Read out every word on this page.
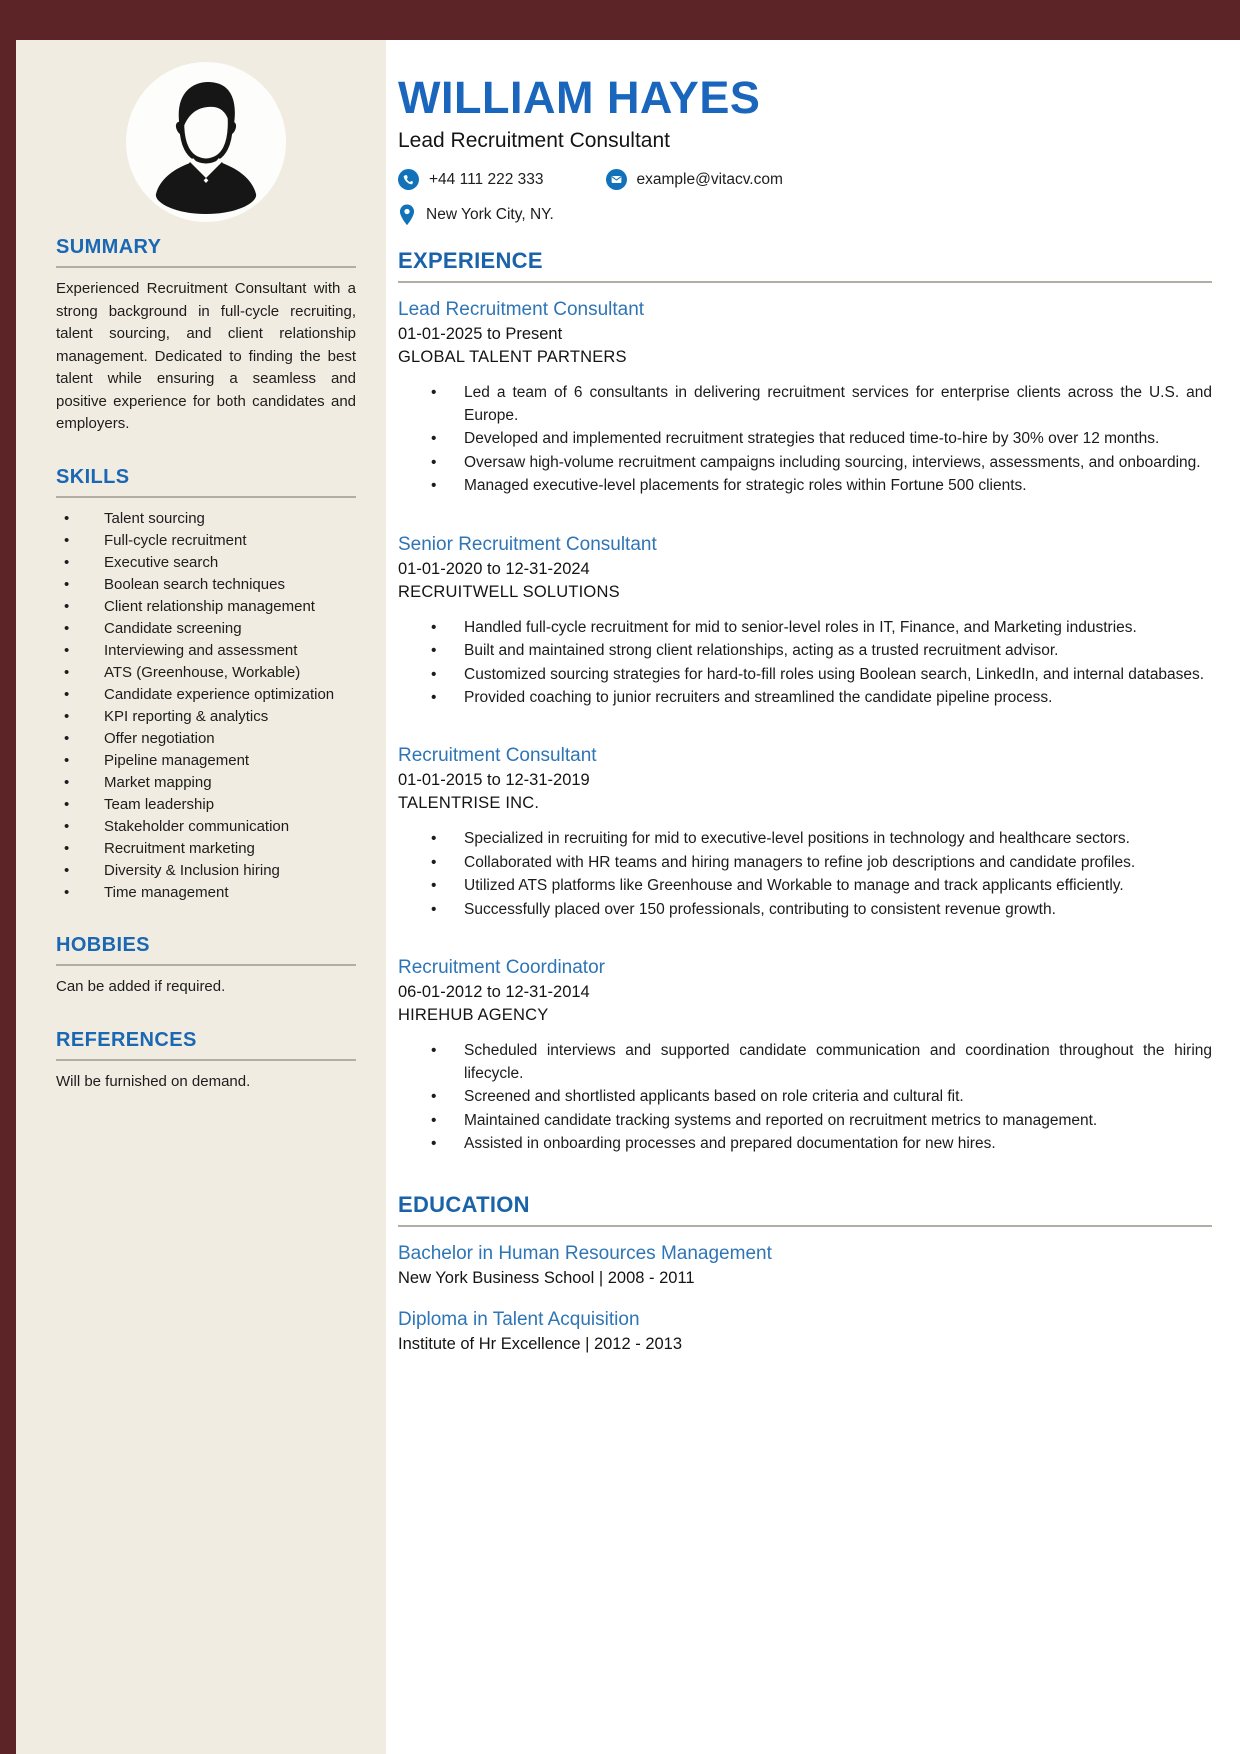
SUMMARY

Experienced Recruitment Consultant with a strong background in full-cycle recruiting, talent sourcing, and client relationship management. Dedicated to finding the best talent while ensuring a seamless and positive experience for both candidates and employers.

SKILLS
• Talent sourcing
• Full-cycle recruitment
• Executive search
• Boolean search techniques
• Client relationship management
• Candidate screening
• Interviewing and assessment
• ATS (Greenhouse, Workable)
• Candidate experience optimization
• KPI reporting & analytics
• Offer negotiation
• Pipeline management
• Market mapping
• Team leadership
• Stakeholder communication
• Recruitment marketing
• Diversity & Inclusion hiring
• Time management
HOBBIES

Can be added if required.

REFERENCES

Will be furnished on demand.

WILLIAM HAYES
Lead Recruitment Consultant
+44 111 222 333	example@vitacv.com
New York City, NY.
EXPERIENCE
Lead Recruitment Consultant
01-01-2025 to Present
GLOBAL TALENT PARTNERS
• Led a team of 6 consultants in delivering recruitment services for enterprise clients across the U.S. and Europe.
• Developed and implemented recruitment strategies that reduced time-to-hire by 30% over 12 months.
• Oversaw high-volume recruitment campaigns including sourcing, interviews, assessments, and onboarding.
• Managed executive-level placements for strategic roles within Fortune 500 clients.
Senior Recruitment Consultant
01-01-2020 to 12-31-2024
RECRUITWELL SOLUTIONS
• Handled full-cycle recruitment for mid to senior-level roles in IT, Finance, and Marketing industries.
• Built and maintained strong client relationships, acting as a trusted recruitment advisor.
• Customized sourcing strategies for hard-to-fill roles using Boolean search, LinkedIn, and internal databases.
• Provided coaching to junior recruiters and streamlined the candidate pipeline process.
Recruitment Consultant
01-01-2015 to 12-31-2019
TALENTRISE INC.
• Specialized in recruiting for mid to executive-level positions in technology and healthcare sectors.
• Collaborated with HR teams and hiring managers to refine job descriptions and candidate profiles.
• Utilized ATS platforms like Greenhouse and Workable to manage and track applicants efficiently.
• Successfully placed over 150 professionals, contributing to consistent revenue growth.
Recruitment Coordinator
06-01-2012 to 12-31-2014
HIREHUB AGENCY
• Scheduled interviews and supported candidate communication and coordination throughout the hiring lifecycle.
• Screened and shortlisted applicants based on role criteria and cultural fit.
• Maintained candidate tracking systems and reported on recruitment metrics to management.
• Assisted in onboarding processes and prepared documentation for new hires.
EDUCATION
Bachelor in Human Resources Management
New York Business School | 2008 - 2011
Diploma in Talent Acquisition
Institute of Hr Excellence | 2012 - 2013
